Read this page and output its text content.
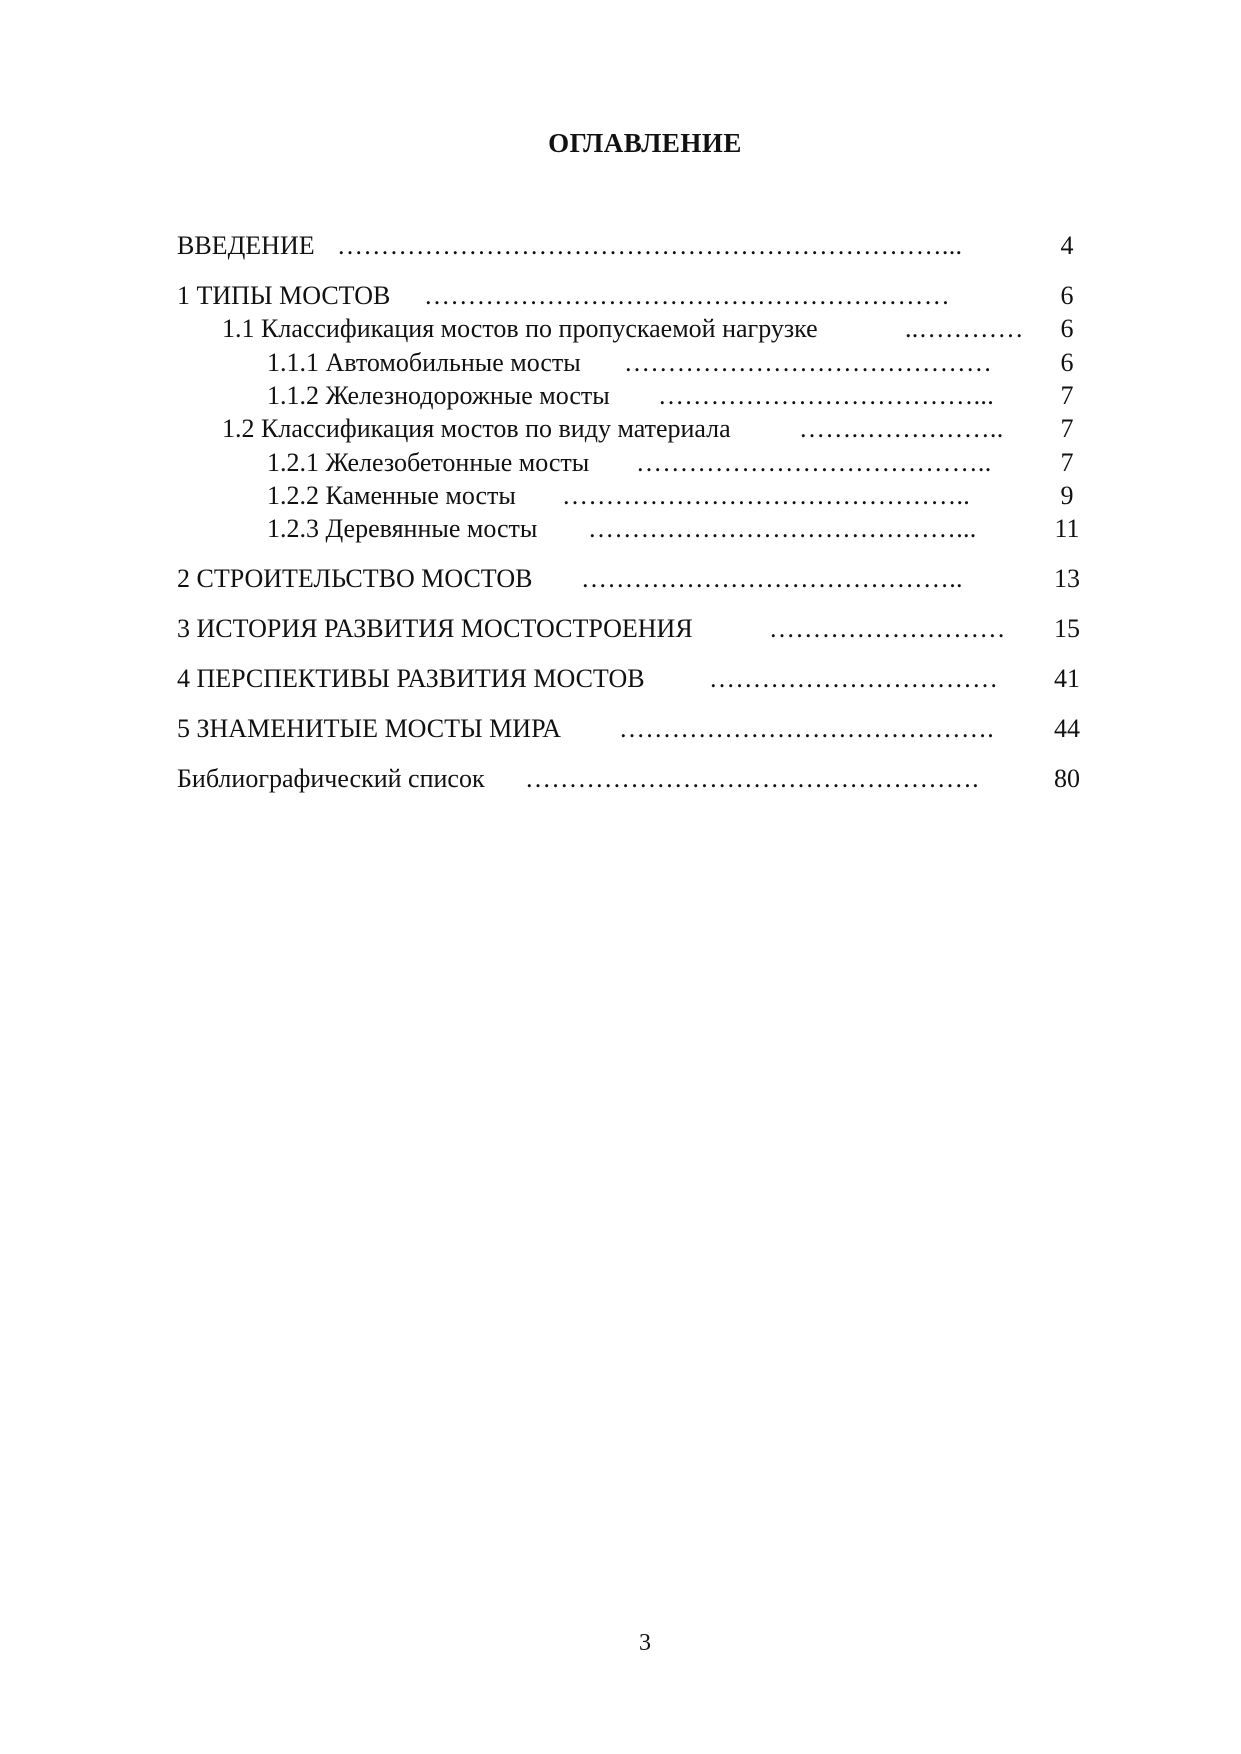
ОГЛАВЛЕНИЕ
ВВЕДЕНИЕ ……………………………………………………………...	4
1 ТИПЫ МОСТОВ ……………………………………………………	6
1.1 Классификация мостов по пропускаемой нагрузке	..…………	6
1.1.1 Автомобильные мосты ……………………………………	6
1.1.2 Железнодорожные мосты ………………………………...	7
1.2 Классификация мостов по виду материала	…….……………..	7
1.2.1 Железобетонные мосты …………………………………..	7
1.2.2 Каменные мосты ………………………………………..	9
1.2.3 Деревянные мосты ……………………………………...	11
2 СТРОИТЕЛЬСТВО МОСТОВ ……………………………………..	13
3 ИСТОРИЯ РАЗВИТИЯ МОСТОСТРОЕНИЯ	………………………	15
4 ПЕРСПЕКТИВЫ РАЗВИТИЯ МОСТОВ ……………………………	41
5 ЗНАМЕНИТЫЕ МОСТЫ МИРА …………………………………….	44
Библиографический список …………………………………………….	80
3
